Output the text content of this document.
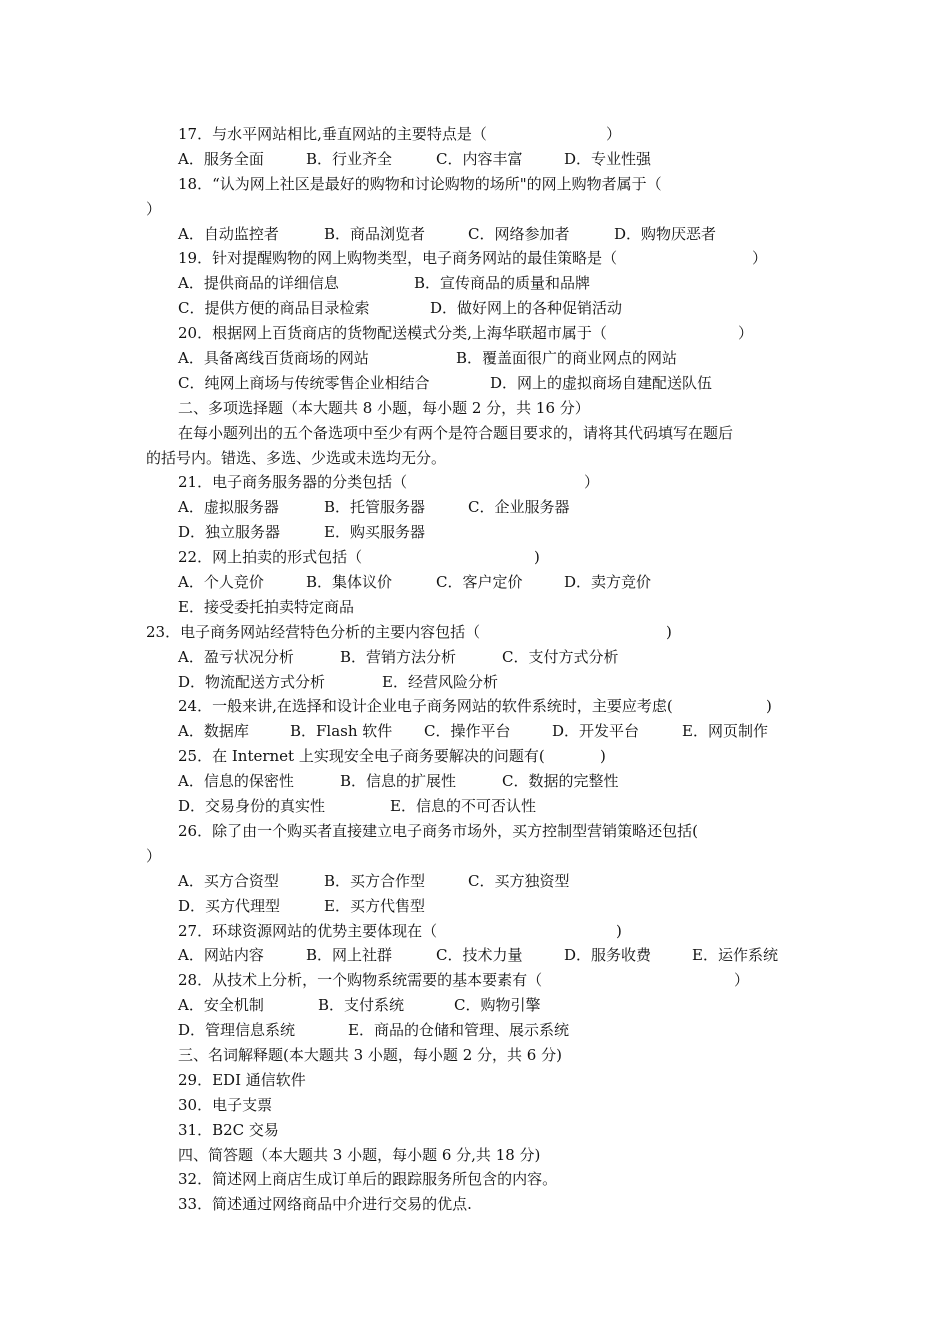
17．与水平网站相比,垂直网站的主要特点是（	）
A．服务全面	B．行业齐全	C．内容丰富	D．专业性强
18．“认为网上社区是最好的购物和讨论购物的场所"的网上购物者属于（
）
A．自动监控者	B．商品浏览者	C．网络参加者	D．购物厌恶者
19．针对提醒购物的网上购物类型，电子商务网站的最佳策略是（	）
A．提供商品的详细信息	B．宣传商品的质量和品牌
C．提供方便的商品目录检索	D．做好网上的各种促销活动
20．根据网上百货商店的货物配送模式分类,上海华联超市属于（	）
A．具备离线百货商场的网站	B．覆盖面很广的商业网点的网站
C．纯网上商场与传统零售企业相结合	D．网上的虚拟商场自建配送队伍
二、多项选择题（本大题共 8 小题，每小题 2 分，共 16 分）
在每小题列出的五个备选项中至少有两个是符合题目要求的，请将其代码填写在题后
的括号内。错选、多选、少选或未选均无分。
21．电子商务服务器的分类包括（	）
A．虚拟服务器	B．托管服务器	C．企业服务器
D．独立服务器	E．购买服务器
22．网上拍卖的形式包括（	)
A．个人竞价	B．集体议价	C．客户定价	D．卖方竞价
E．接受委托拍卖特定商品
23．电子商务网站经营特色分析的主要内容包括（	)
A．盈亏状况分析	B．营销方法分析	C．支付方式分析
D．物流配送方式分析	E．经营风险分析
24．一般来讲,在选择和设计企业电子商务网站的软件系统时，主要应考虑(	)
A．数据库	B．Flash 软件 C．操作平台	D．开发平台	E．网页制作
25．在 Internet 上实现安全电子商务要解决的问题有(	)
A．信息的保密性	B．信息的扩展性	C．数据的完整性
D．交易身份的真实性	E．信息的不可否认性
26．除了由一个购买者直接建立电子商务市场外，买方控制型营销策略还包括(
）
A．买方合资型	B．买方合作型	C．买方独资型
D．买方代理型	E．买方代售型
27．环球资源网站的优势主要体现在（	)
A．网站内容	B．网上社群	C．技术力量	D．服务收费	E．运作系统
28．从技术上分析，一个购物系统需要的基本要素有（	）
A．安全机制	B．支付系统	C．购物引擎
D．管理信息系统	E．商品的仓储和管理、展示系统
三、名词解释题(本大题共 3 小题，每小题 2 分，共 6 分)
29．EDI 通信软件
30．电子支票
31．B2C 交易
四、简答题（本大题共 3 小题，每小题 6 分,共 18 分)
32．简述网上商店生成订单后的跟踪服务所包含的内容。
33．简述通过网络商品中介进行交易的优点.
